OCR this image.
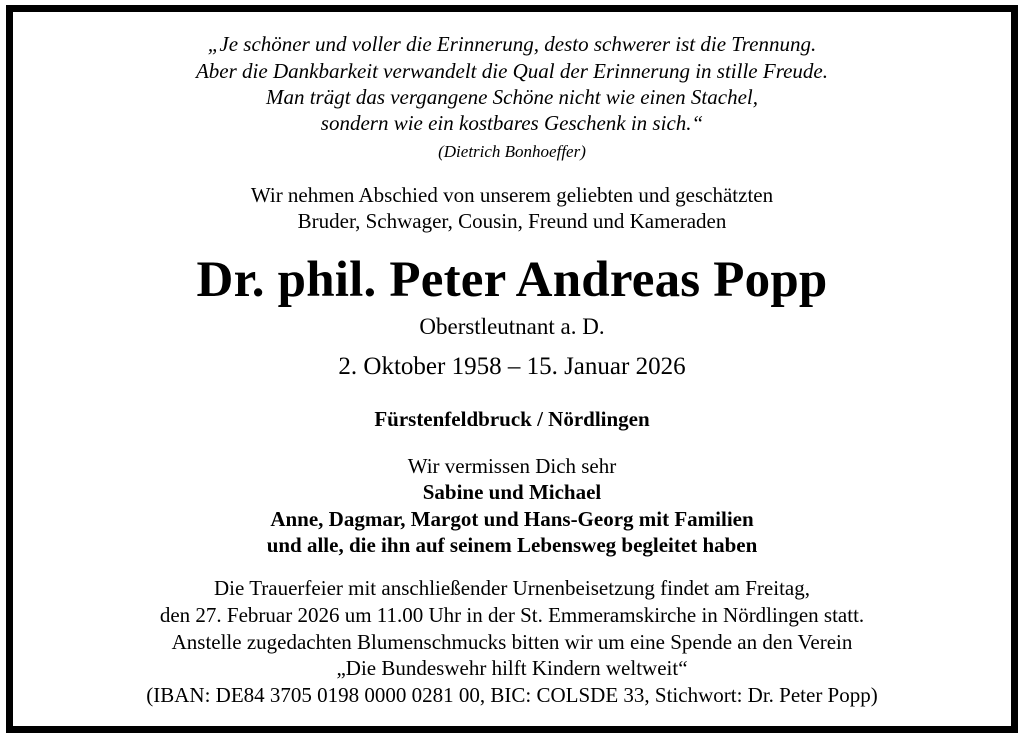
„Je schöner und voller die Erinnerung, desto schwerer ist die Trennung.
Aber die Dankbarkeit verwandelt die Qual der Erinnerung in stille Freude.
Man trägt das vergangene Schöne nicht wie einen Stachel,
sondern wie ein kostbares Geschenk in sich.“
(Dietrich Bonhoeffer)
Wir nehmen Abschied von unserem geliebten und geschätzten
Bruder, Schwager, Cousin, Freund und Kameraden
Dr. phil. Peter Andreas Popp
Oberstleutnant a. D.
2. Oktober 1958 – 15. Januar 2026
Fürstenfeldbruck / Nördlingen
Wir vermissen Dich sehr
Sabine und Michael
Anne, Dagmar, Margot und Hans-Georg mit Familien
und alle, die ihn auf seinem Lebensweg begleitet haben
Die Trauerfeier mit anschließender Urnenbeisetzung findet am Freitag,
den 27. Februar 2026 um 11.00 Uhr in der St. Emmeramskirche in Nördlingen statt.
Anstelle zugedachten Blumenschmucks bitten wir um eine Spende an den Verein
„Die Bundeswehr hilft Kindern weltweit“
(IBAN: DE84 3705 0198 0000 0281 00, BIC: COLSDE 33, Stichwort: Dr. Peter Popp)
